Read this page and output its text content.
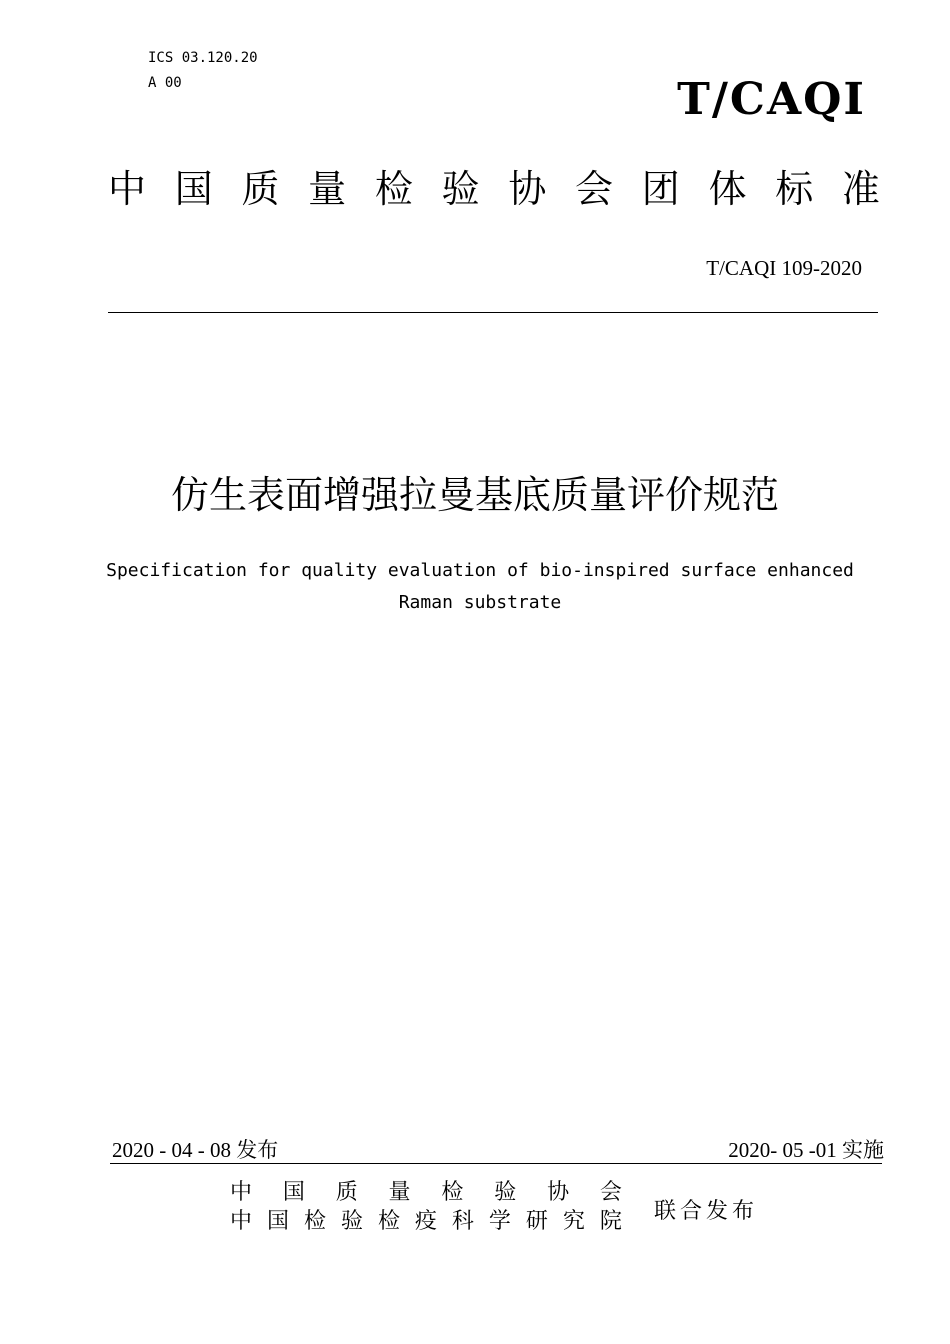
ICS 03.120.20
A 00	T/CAQI
中 国 质 量 检 验 协 会 团 体 标 准
T/CAQI 109-2020
仿生表面增强拉曼基底质量评价规范
Specification for quality evaluation of bio-inspired surface enhanced
Raman substrate
2020 - 04 - 08 发布	2020- 05 -01 实施
中 国 质 量 检 验 协 会
中 国 检 验 检 疫 科 学 研 究 院 联合发布
